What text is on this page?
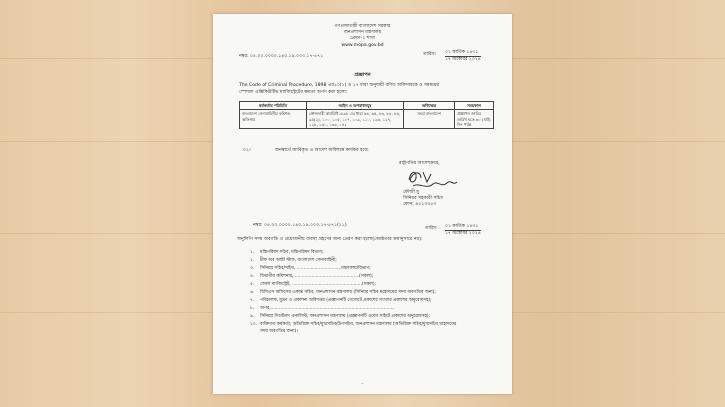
গণপ্রজাতন্ত্রী বাংলাদেশ সরকার
জনপ্রশাসন মন্ত্রণালয়
প্রেষণ-২ শাখা
www.mopa.gov.bd
নম্বর: ০৫.০০.০০০০.১৪০.১৯.০০৩.১৭-৫৭১	তারিখ: ০১ কার্তিক ১৪৩১
১৭ অক্টোবর ২০২৪
প্রজ্ঞাপন
The Code of Criminal Procedure, 1898 এর১০(১) ও ১৭ ধারা অনুযায়ী বর্ণিত অফিসারকে ও সমন্বয়ের
স্পেশাল এক্সিকিউটিভ ম্যাজিস্ট্রেটের ক্ষমতা অর্পণ করা হলো:
কর্মকর্তার পরিচিতি	আইন ও অপরাধসমূহ	অধিক্ষেত্র	সময়কাল
বাংলাদেশ সেনাবাহিনীর কমিশন্ড অফিসার	ফৌজদারী কার্যবিধি১৮৯৮ এর ধারা ৬৪, ৬৫, ৮৩, ৮৪, ৮৬, ৯৫(২), ১০০, ১০৫, ১০৭, ১০৯, ১১০, ১২৬, ১২৭, ১২৮, ১৩০, ১৩৩, ১৪২	সমগ্র বাংলাদেশ	প্রজ্ঞাপন জারির তারিখ হতে ৬০ (ষাট) দিন পর্যন্ত
০২।	জনস্বার্থে জারিকৃত এ আদেশ অবিলম্বে কার্যকর হবে।
রাষ্ট্রপতির আদেশক্রমে,
ফৌজী মু
সিনিয়র সহকারী সচিব
ফোন: ৯৫১৩৩৫৩
নম্বর: ০৫.০০.০০০০.১৪০.১৯.০০৩.১৭-৫৭১(১১)
তারিখ : ০১ কার্তিক ১৪৩১
১৭ অক্টোবর ২০২৪
অনুলিপি সদয় অবগতি ও প্রয়োজনীয় ব্যবস্থা গ্রহণের জন্য প্রেরণ করা হলো(জ্যেষ্ঠতার ক্রমানুসারে নয়):
১. মন্ত্রিপরিষদ সচিব, মন্ত্রিপরিষদ বিভাগ;
২. চীফ অব আর্মি স্টাফ, বাংলাদেশ সেনাবাহিনী;
৩. সিনিয়র সচিব/সচিব, ................................মন্ত্রণালয়/বিভাগ;
৪. বিভাগীয় কমিশনার, ..............................................(সকল);
৫. জেলা ম্যাজিস্ট্রেট, ..................................................(সকল);
৬. বিসিএস অফিসের একান্ত সচিব, জনপ্রশাসন মন্ত্রণালয় (সিনিয়র সচিব মহোদয়ের সদয় অবগতির জন্য);
৭. পরিচালক, মুদ্রণ ও প্রকাশনা অধিদপ্তর (প্রজ্ঞাপনটি গেজেটে প্রকাশের সংখ্যার প্রকাশের অনুরোধসহ);
৮. অপর,.........................................................................................
৯. সিনিয়র সিস্টেমস এনালিস্ট, জনপ্রশাসন মন্ত্রণালয় (প্রজ্ঞাপনটি ওয়েব সাইটে প্রকাশের অনুরোধসহ);
১০. ব্যক্তিগত কর্মকর্তা, অতিরিক্ত সচিব/যুগ্মসচিব/উপসচিব, জনপ্রশাসন মন্ত্রণালয় (অতিরিক্ত সচিব/যুগ্মসচিব মহোদয়ের
সদয় অবগতির জন্য)।
-
